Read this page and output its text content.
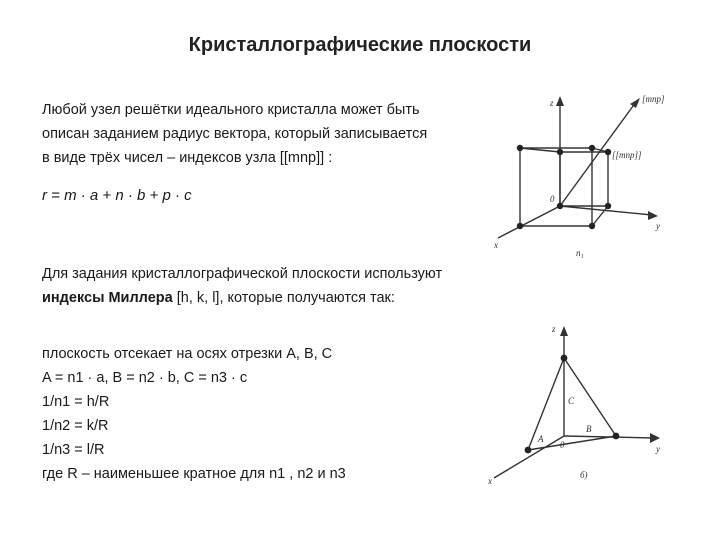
Кристаллографические плоскости
Любой узел решётки идеального кристалла может быть
описан заданием радиус вектора, который записывается
в виде трёх чисел – индексов узла [[mnp]] :
r = m · a + n · b + p · c
Для задания кристаллографической плоскости используют
индексы Миллера [h, k, l], которые получаются так:
плоскость отсекает на осях отрезки A, B, C
A = n1 · a, B = n2 · b, C = n3 · c
1/n1 = h/R
1/n2 = k/R
1/n3 = l/R
где R – наименьшее кратное для n1 , n2 и n3
z
y
x
0
[mnp]
[[mnp]]
n₁
z
y
x
0
A
B
C
б)
